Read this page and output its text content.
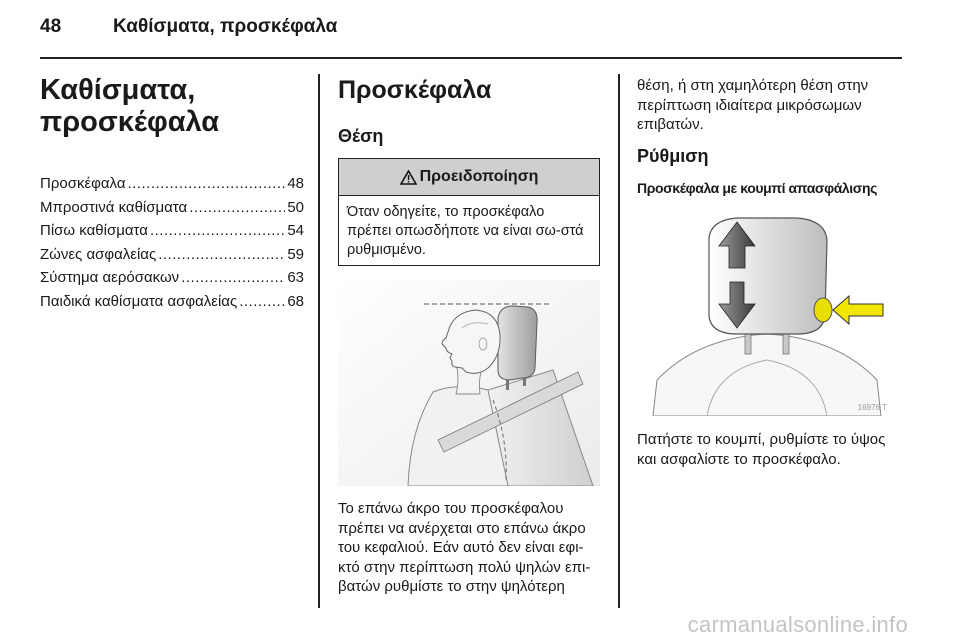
48	Καθίσματα, προσκέφαλα
Καθίσματα, προσκέφαλα
Προσκέφαλα .....	48
Μπροστινά καθίσματα .....	50
Πίσω καθίσματα .....	54
Ζώνες ασφαλείας .....	59
Σύστημα αερόσακων .....	63
Παιδικά καθίσματα ασφαλείας .....	68
Προσκέφαλα
Θέση
Προειδοποίηση
Όταν οδηγείτε, το προσκέφαλο πρέπει οπωσδήποτε να είναι σω-στά ρυθμισμένο.
Το επάνω άκρο του προσκέφαλου πρέπει να ανέρχεται στο επάνω άκρο του κεφαλιού. Εάν αυτό δεν είναι εφι-κτό στην περίπτωση πολύ ψηλών επι-βατών ρυθμίστε το στην ψηλότερη
θέση, ή στη χαμηλότερη θέση στην περίπτωση ιδιαίτερα μικρόσωμων επιβατών.
Ρύθμιση
Προσκέφαλα με κουμπί απασφάλισης
16976 T
Πατήστε το κουμπί, ρυθμίστε το ύψος και ασφαλίστε το προσκέφαλο.
carmanualsonline.info
